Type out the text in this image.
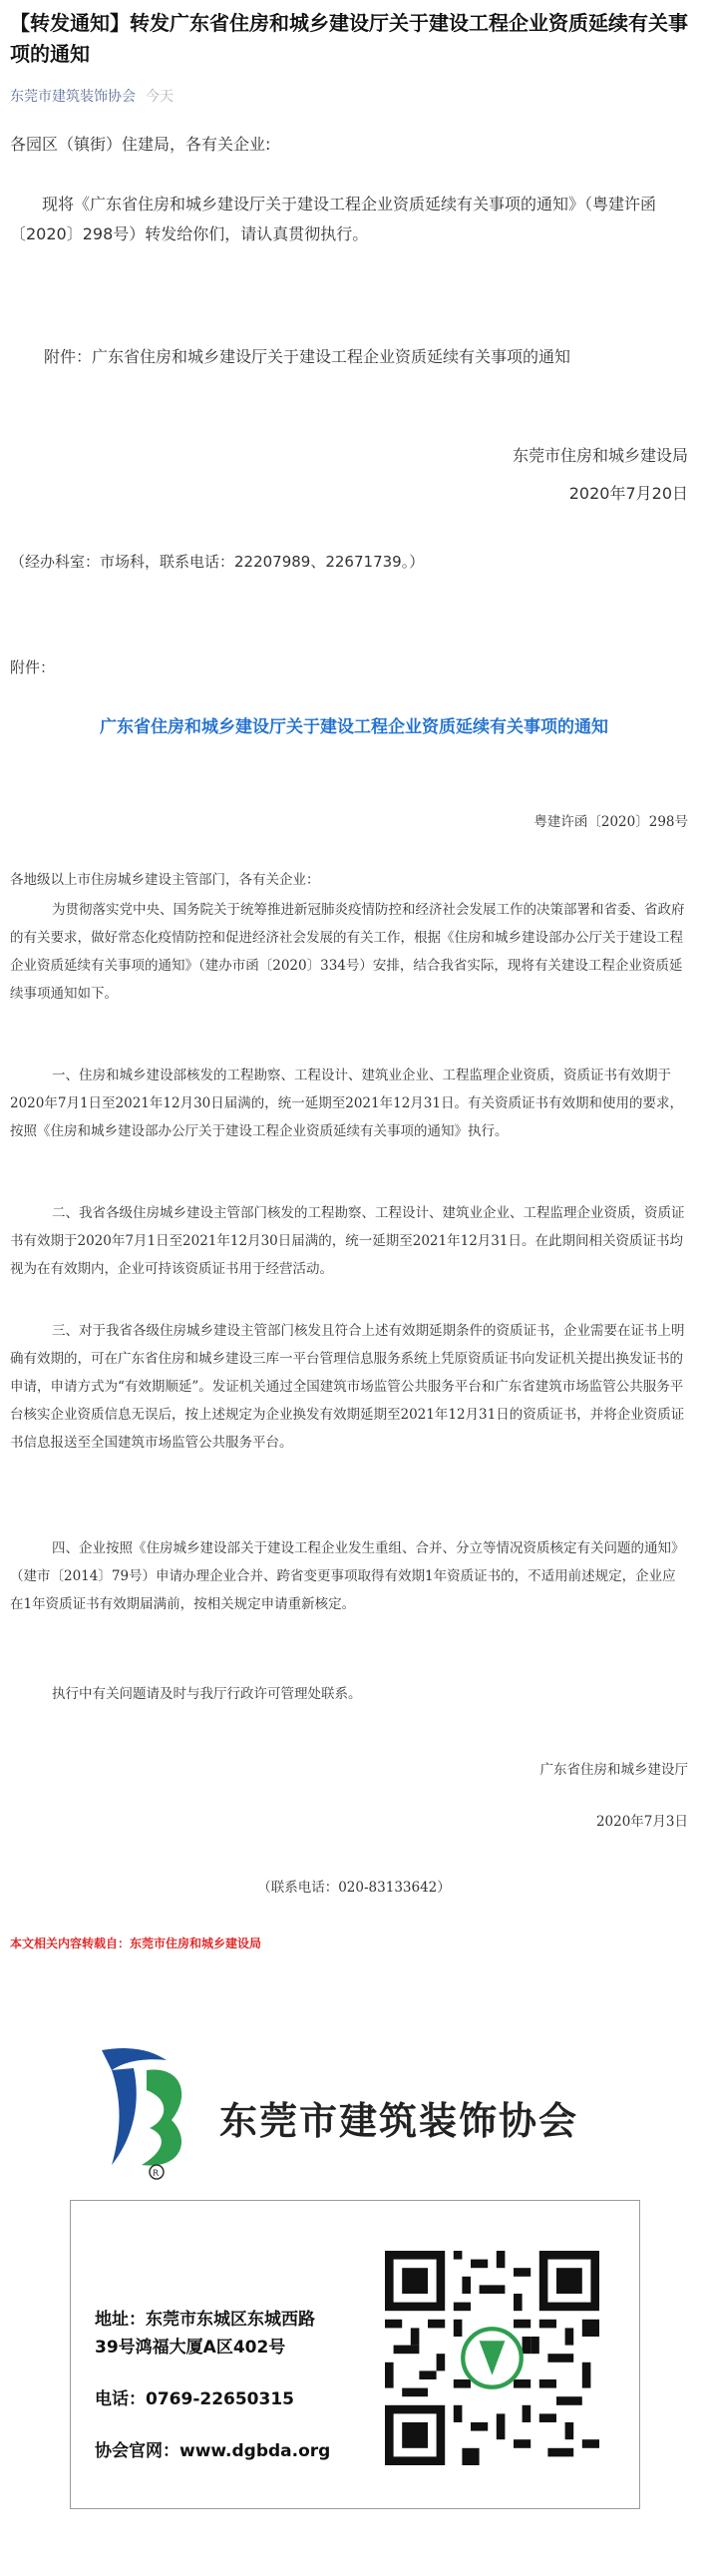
【转发通知】转发广东省住房和城乡建设厅关于建设工程企业资质延续有关事项的通知
东莞市建筑装饰协会 今天

各园区（镇街）住建局，各有关企业:

现将《广东省住房和城乡建设厅关于建设工程企业资质延续有关事项的通知》（粤建许函〔2020〕298号）转发给你们，请认真贯彻执行。

附件：广东省住房和城乡建设厅关于建设工程企业资质延续有关事项的通知

东莞市住房和城乡建设局

2020年7月20日

（经办科室：市场科，联系电话：22207989、22671739。）

附件：

广东省住房和城乡建设厅关于建设工程企业资质延续有关事项的通知

粤建许函〔2020〕298号

各地级以上市住房城乡建设主管部门，各有关企业：

为贯彻落实党中央、国务院关于统筹推进新冠肺炎疫情防控和经济社会发展工作的决策部署和省委、省政府的有关要求，做好常态化疫情防控和促进经济社会发展的有关工作，根据《住房和城乡建设部办公厅关于建设工程企业资质延续有关事项的通知》（建办市函〔2020〕334号）安排，结合我省实际，现将有关建设工程企业资质延续事项通知如下。

一、住房和城乡建设部核发的工程勘察、工程设计、建筑业企业、工程监理企业资质，资质证书有效期于2020年7月1日至2021年12月30日届满的，统一延期至2021年12月31日。有关资质证书有效期和使用的要求，按照《住房和城乡建设部办公厅关于建设工程企业资质延续有关事项的通知》执行。

二、我省各级住房城乡建设主管部门核发的工程勘察、工程设计、建筑业企业、工程监理企业资质，资质证书有效期于2020年7月1日至2021年12月30日届满的，统一延期至2021年12月31日。在此期间相关资质证书均视为在有效期内，企业可持该资质证书用于经营活动。

三、对于我省各级住房城乡建设主管部门核发且符合上述有效期延期条件的资质证书，企业需要在证书上明确有效期的，可在广东省住房和城乡建设三库一平台管理信息服务系统上凭原资质证书向发证机关提出换发证书的申请，申请方式为“有效期顺延”。发证机关通过全国建筑市场监管公共服务平台和广东省建筑市场监管公共服务平台核实企业资质信息无误后，按上述规定为企业换发有效期延期至2021年12月31日的资质证书，并将企业资质证书信息报送至全国建筑市场监管公共服务平台。

四、企业按照《住房城乡建设部关于建设工程企业发生重组、合并、分立等情况资质核定有关问题的通知》（建市〔2014〕79号）申请办理企业合并、跨省变更事项取得有效期1年资质证书的，不适用前述规定，企业应在1年资质证书有效期届满前，按相关规定申请重新核定。

执行中有关问题请及时与我厅行政许可管理处联系。

广东省住房和城乡建设厅

2020年7月3日

（联系电话：020-83133642）

本文相关内容转载自：东莞市住房和城乡建设局

R
东莞市建筑装饰协会
地址：东莞市东城区东城西路
39号鸿福大厦A区402号
电话：0769-22650315
协会官网：www.dgbda.org
